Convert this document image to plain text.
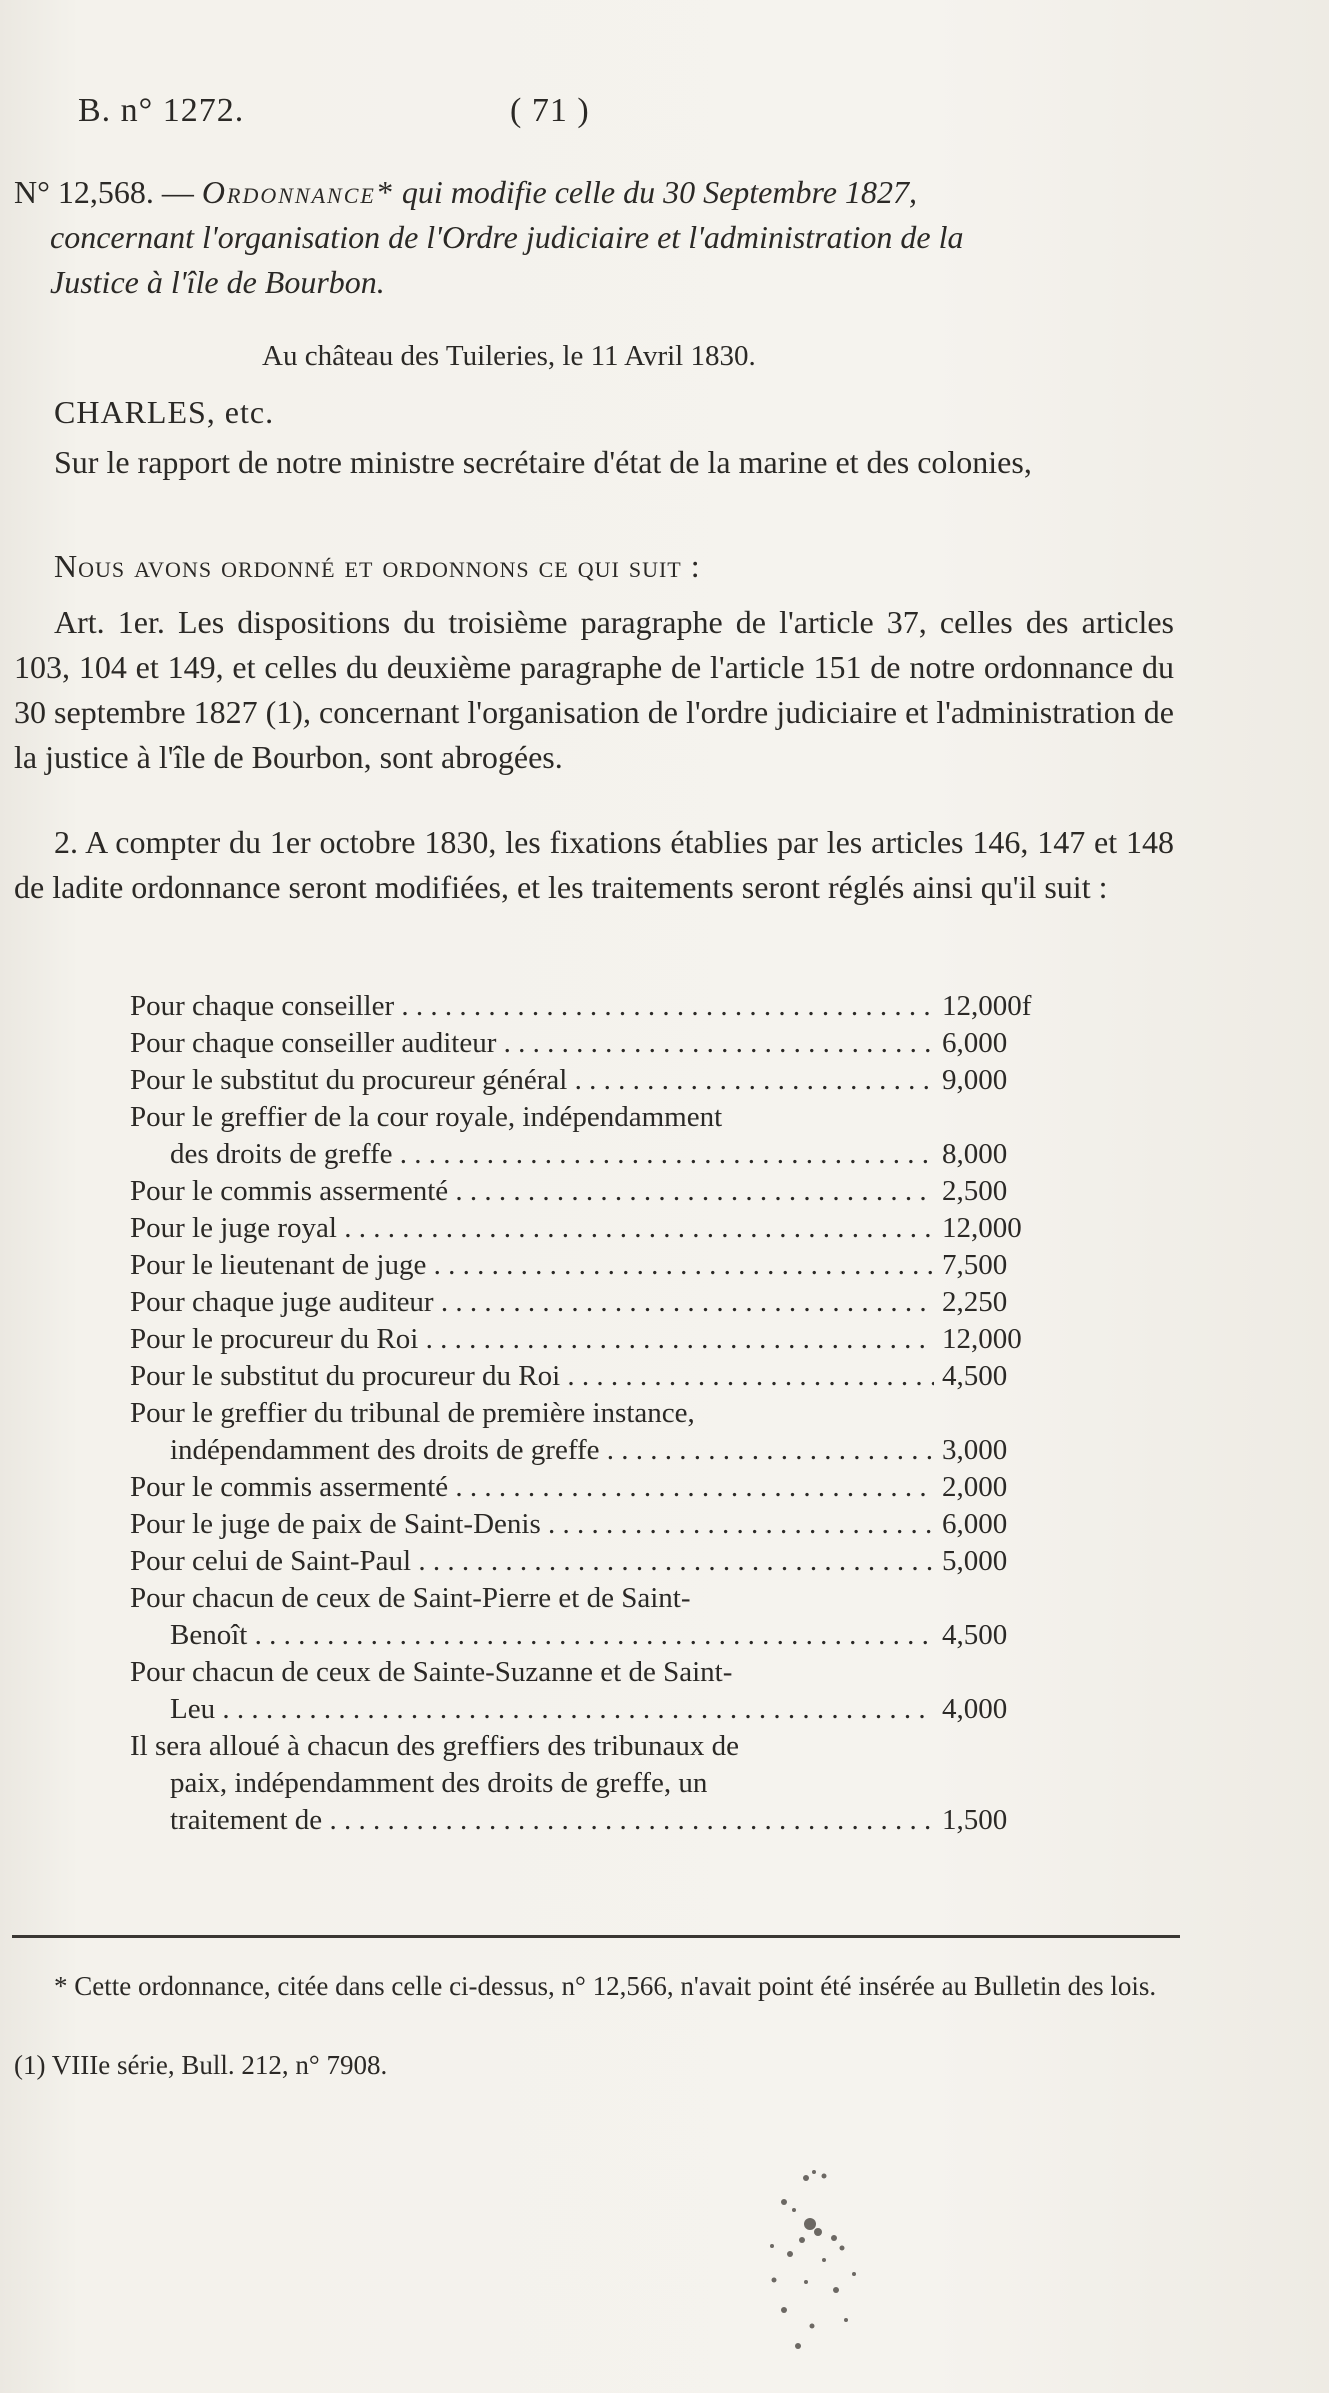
B. n° 1272.	( 71 )
N° 12,568. — Ordonnance* qui modifie celle du 30 Septembre 1827,
concernant l'organisation de l'Ordre judiciaire et l'administration de la
Justice à l'île de Bourbon.
Au château des Tuileries, le 11 Avril 1830.
CHARLES, etc.
Sur le rapport de notre ministre secrétaire d'état de la marine et des colonies,
Nous avons ordonné et ordonnons ce qui suit :
Art. 1er. Les dispositions du troisième paragraphe de l'article 37, celles des articles 103, 104 et 149, et celles du deuxième paragraphe de l'article 151 de notre ordonnance du 30 septembre 1827 (1), concernant l'organisation de l'ordre judiciaire et l'administration de la justice à l'île de Bourbon, sont abrogées.
2. A compter du 1er octobre 1830, les fixations établies par les articles 146, 147 et 148 de ladite ordonnance seront modifiées, et les traitements seront réglés ainsi qu'il suit :
Pour chaque conseiller . . .	12,000f
Pour chaque conseiller auditeur . . .	6,000
Pour le substitut du procureur général . . .	9,000
Pour le greffier de la cour royale, indépendamment
des droits de greffe . . .	8,000
Pour le commis assermenté . . .	2,500
Pour le juge royal . . .	12,000
Pour le lieutenant de juge . . .	7,500
Pour chaque juge auditeur . . .	2,250
Pour le procureur du Roi . . .	12,000
Pour le substitut du procureur du Roi . . .	4,500
Pour le greffier du tribunal de première instance,
indépendamment des droits de greffe . . .	3,000
Pour le commis assermenté . . .	2,000
Pour le juge de paix de Saint-Denis . . .	6,000
Pour celui de Saint-Paul . . .	5,000
Pour chacun de ceux de Saint-Pierre et de Saint-
Benoît . . .	4,500
Pour chacun de ceux de Sainte-Suzanne et de Saint-
Leu . . .	4,000
Il sera alloué à chacun des greffiers des tribunaux de
paix, indépendamment des droits de greffe, un
traitement de . . .	1,500
* Cette ordonnance, citée dans celle ci-dessus, n° 12,566, n'avait point été insérée au Bulletin des lois.
(1) VIIIe série, Bull. 212, n° 7908.
